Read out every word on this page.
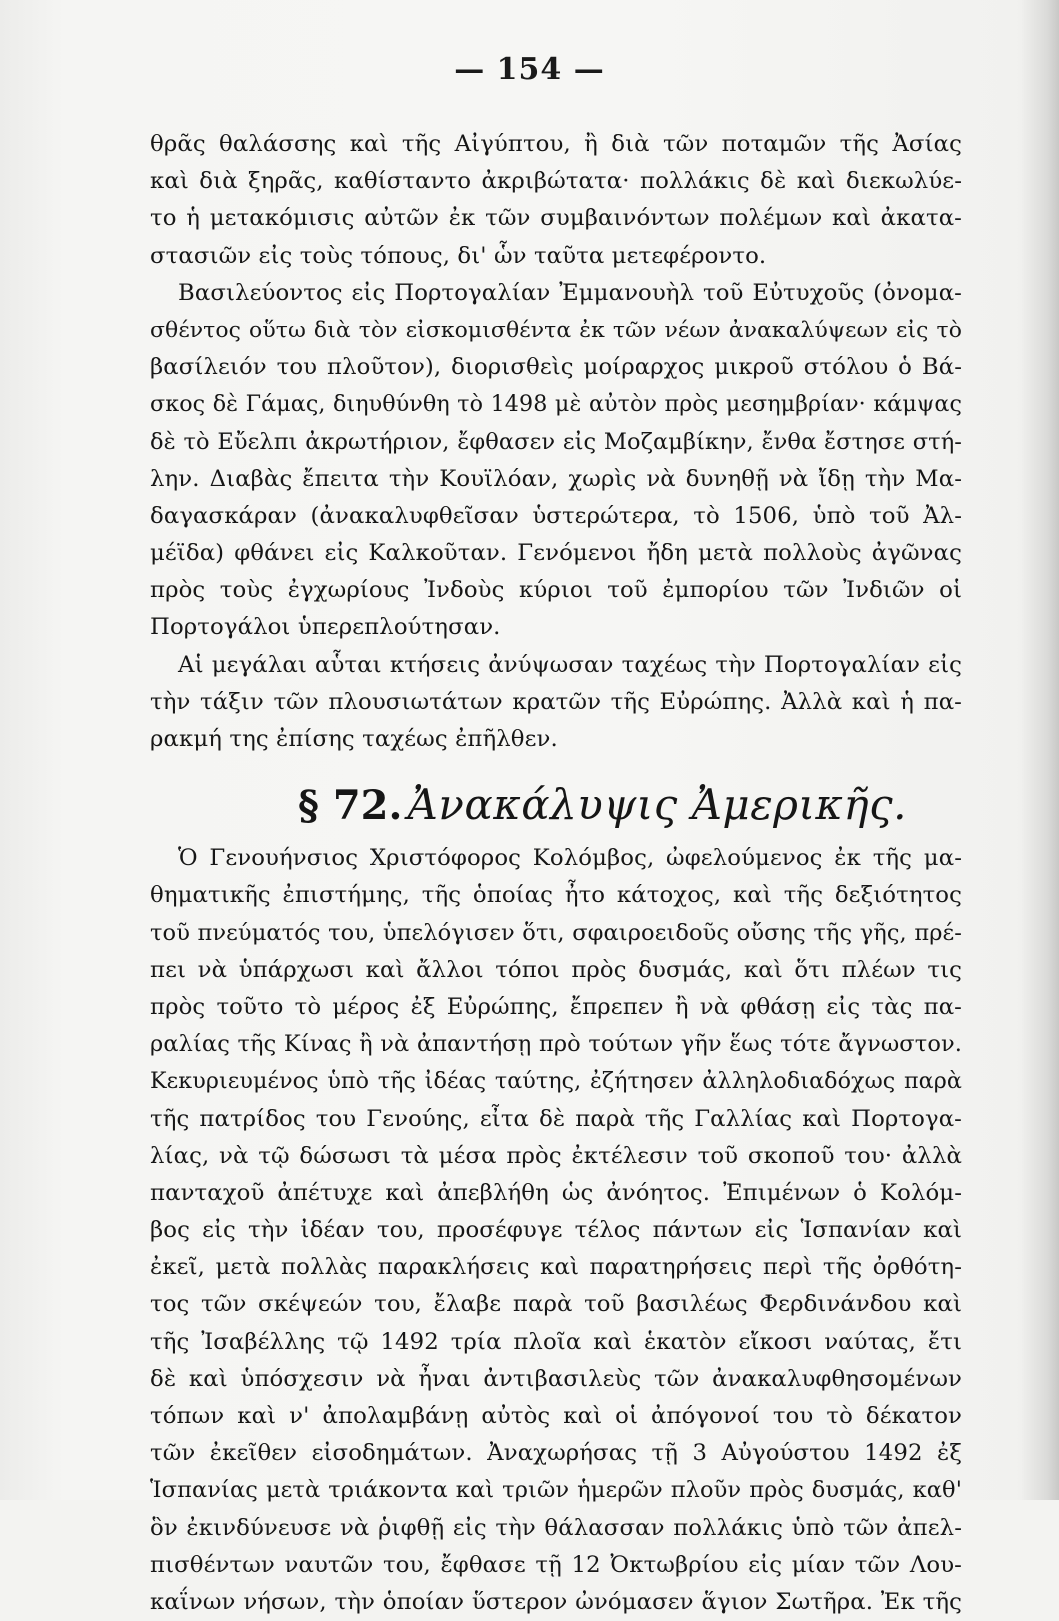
— 154 —
θρᾶς θαλάσσης καὶ τῆς Αἰγύπτου, ἢ διὰ τῶν ποταμῶν τῆς Ἀσίας
καὶ διὰ ξηρᾶς, καθίσταντο ἀκριβώτατα· πολλάκις δὲ καὶ διεκωλύε-
το ἡ μετακόμισις αὐτῶν ἐκ τῶν συμβαινόντων πολέμων καὶ ἀκατα-
στασιῶν εἰς τοὺς τόπους, δι' ὧν ταῦτα μετεφέροντο.
Βασιλεύοντος εἰς Πορτογαλίαν Ἐμμανουὴλ τοῦ Εὐτυχοῦς (ὀνομα-
σθέντος οὕτω διὰ τὸν εἰσκομισθέντα ἐκ τῶν νέων ἀνακαλύψεων εἰς τὸ
βασίλειόν του πλοῦτον), διορισθεὶς μοίραρχος μικροῦ στόλου ὁ Βά-
σκος δὲ Γάμας, διηυθύνθη τὸ 1498 μὲ αὐτὸν πρὸς μεσημβρίαν· κάμψας
δὲ τὸ Εὔελπι ἀκρωτήριον, ἔφθασεν εἰς Μοζαμβίκην, ἔνθα ἔστησε στή-
λην. Διαβὰς ἔπειτα τὴν Κουϊλόαν, χωρὶς νὰ δυνηθῇ νὰ ἴδῃ τὴν Μα-
δαγασκάραν (ἀνακαλυφθεῖσαν ὑστερώτερα, τὸ 1506, ὑπὸ τοῦ Ἀλ-
μέϊδα) φθάνει εἰς Καλκοῦταν. Γενόμενοι ἤδη μετὰ πολλοὺς ἀγῶνας
πρὸς τοὺς ἐγχωρίους Ἰνδοὺς κύριοι τοῦ ἐμπορίου τῶν Ἰνδιῶν οἱ
Πορτογάλοι ὑπερεπλούτησαν.
Αἱ μεγάλαι αὗται κτήσεις ἀνύψωσαν ταχέως τὴν Πορτογαλίαν εἰς
τὴν τάξιν τῶν πλουσιωτάτων κρατῶν τῆς Εὐρώπης. Ἀλλὰ καὶ ἡ πα-
ρακμή της ἐπίσης ταχέως ἐπῆλθεν.
§ 72. Ἀνακάλυψις Ἀμερικῆς.
Ὁ Γενουήνσιος Χριστόφορος Κολόμβος, ὠφελούμενος ἐκ τῆς μα-
θηματικῆς ἐπιστήμης, τῆς ὁποίας ἦτο κάτοχος, καὶ τῆς δεξιότητος
τοῦ πνεύματός του, ὑπελόγισεν ὅτι, σφαιροειδοῦς οὔσης τῆς γῆς, πρέ-
πει νὰ ὑπάρχωσι καὶ ἄλλοι τόποι πρὸς δυσμάς, καὶ ὅτι πλέων τις
πρὸς τοῦτο τὸ μέρος ἐξ Εὐρώπης, ἔπρεπεν ἢ νὰ φθάσῃ εἰς τὰς πα-
ραλίας τῆς Κίνας ἢ νὰ ἀπαντήσῃ πρὸ τούτων γῆν ἕως τότε ἄγνωστον.
Κεκυριευμένος ὑπὸ τῆς ἰδέας ταύτης, ἐζήτησεν ἀλληλοδιαδόχως παρὰ
τῆς πατρίδος του Γενούης, εἶτα δὲ παρὰ τῆς Γαλλίας καὶ Πορτογα-
λίας, νὰ τῷ δώσωσι τὰ μέσα πρὸς ἐκτέλεσιν τοῦ σκοποῦ του· ἀλλὰ
πανταχοῦ ἀπέτυχε καὶ ἀπεβλήθη ὡς ἀνόητος. Ἐπιμένων ὁ Κολόμ-
βος εἰς τὴν ἰδέαν του, προσέφυγε τέλος πάντων εἰς Ἱσπανίαν καὶ
ἐκεῖ, μετὰ πολλὰς παρακλήσεις καὶ παρατηρήσεις περὶ τῆς ὀρθότη-
τος τῶν σκέψεών του, ἔλαβε παρὰ τοῦ βασιλέως Φερδινάνδου καὶ
τῆς Ἰσαβέλλης τῷ 1492 τρία πλοῖα καὶ ἑκατὸν εἴκοσι ναύτας, ἔτι
δὲ καὶ ὑπόσχεσιν νὰ ἦναι ἀντιβασιλεὺς τῶν ἀνακαλυφθησομένων
τόπων καὶ ν' ἀπολαμβάνῃ αὐτὸς καὶ οἱ ἀπόγονοί του τὸ δέκατον
τῶν ἐκεῖθεν εἰσοδημάτων. Ἀναχωρήσας τῇ 3 Αὐγούστου 1492 ἐξ
Ἱσπανίας μετὰ τριάκοντα καὶ τριῶν ἡμερῶν πλοῦν πρὸς δυσμάς, καθ'
ὃν ἐκινδύνευσε νὰ ῥιφθῇ εἰς τὴν θάλασσαν πολλάκις ὑπὸ τῶν ἀπελ-
πισθέντων ναυτῶν του, ἔφθασε τῇ 12 Ὀκτωβρίου εἰς μίαν τῶν Λου-
καΐνων νήσων, τὴν ὁποίαν ὕστερον ὠνόμασεν ἅγιον Σωτῆρα. Ἐκ τῆς
